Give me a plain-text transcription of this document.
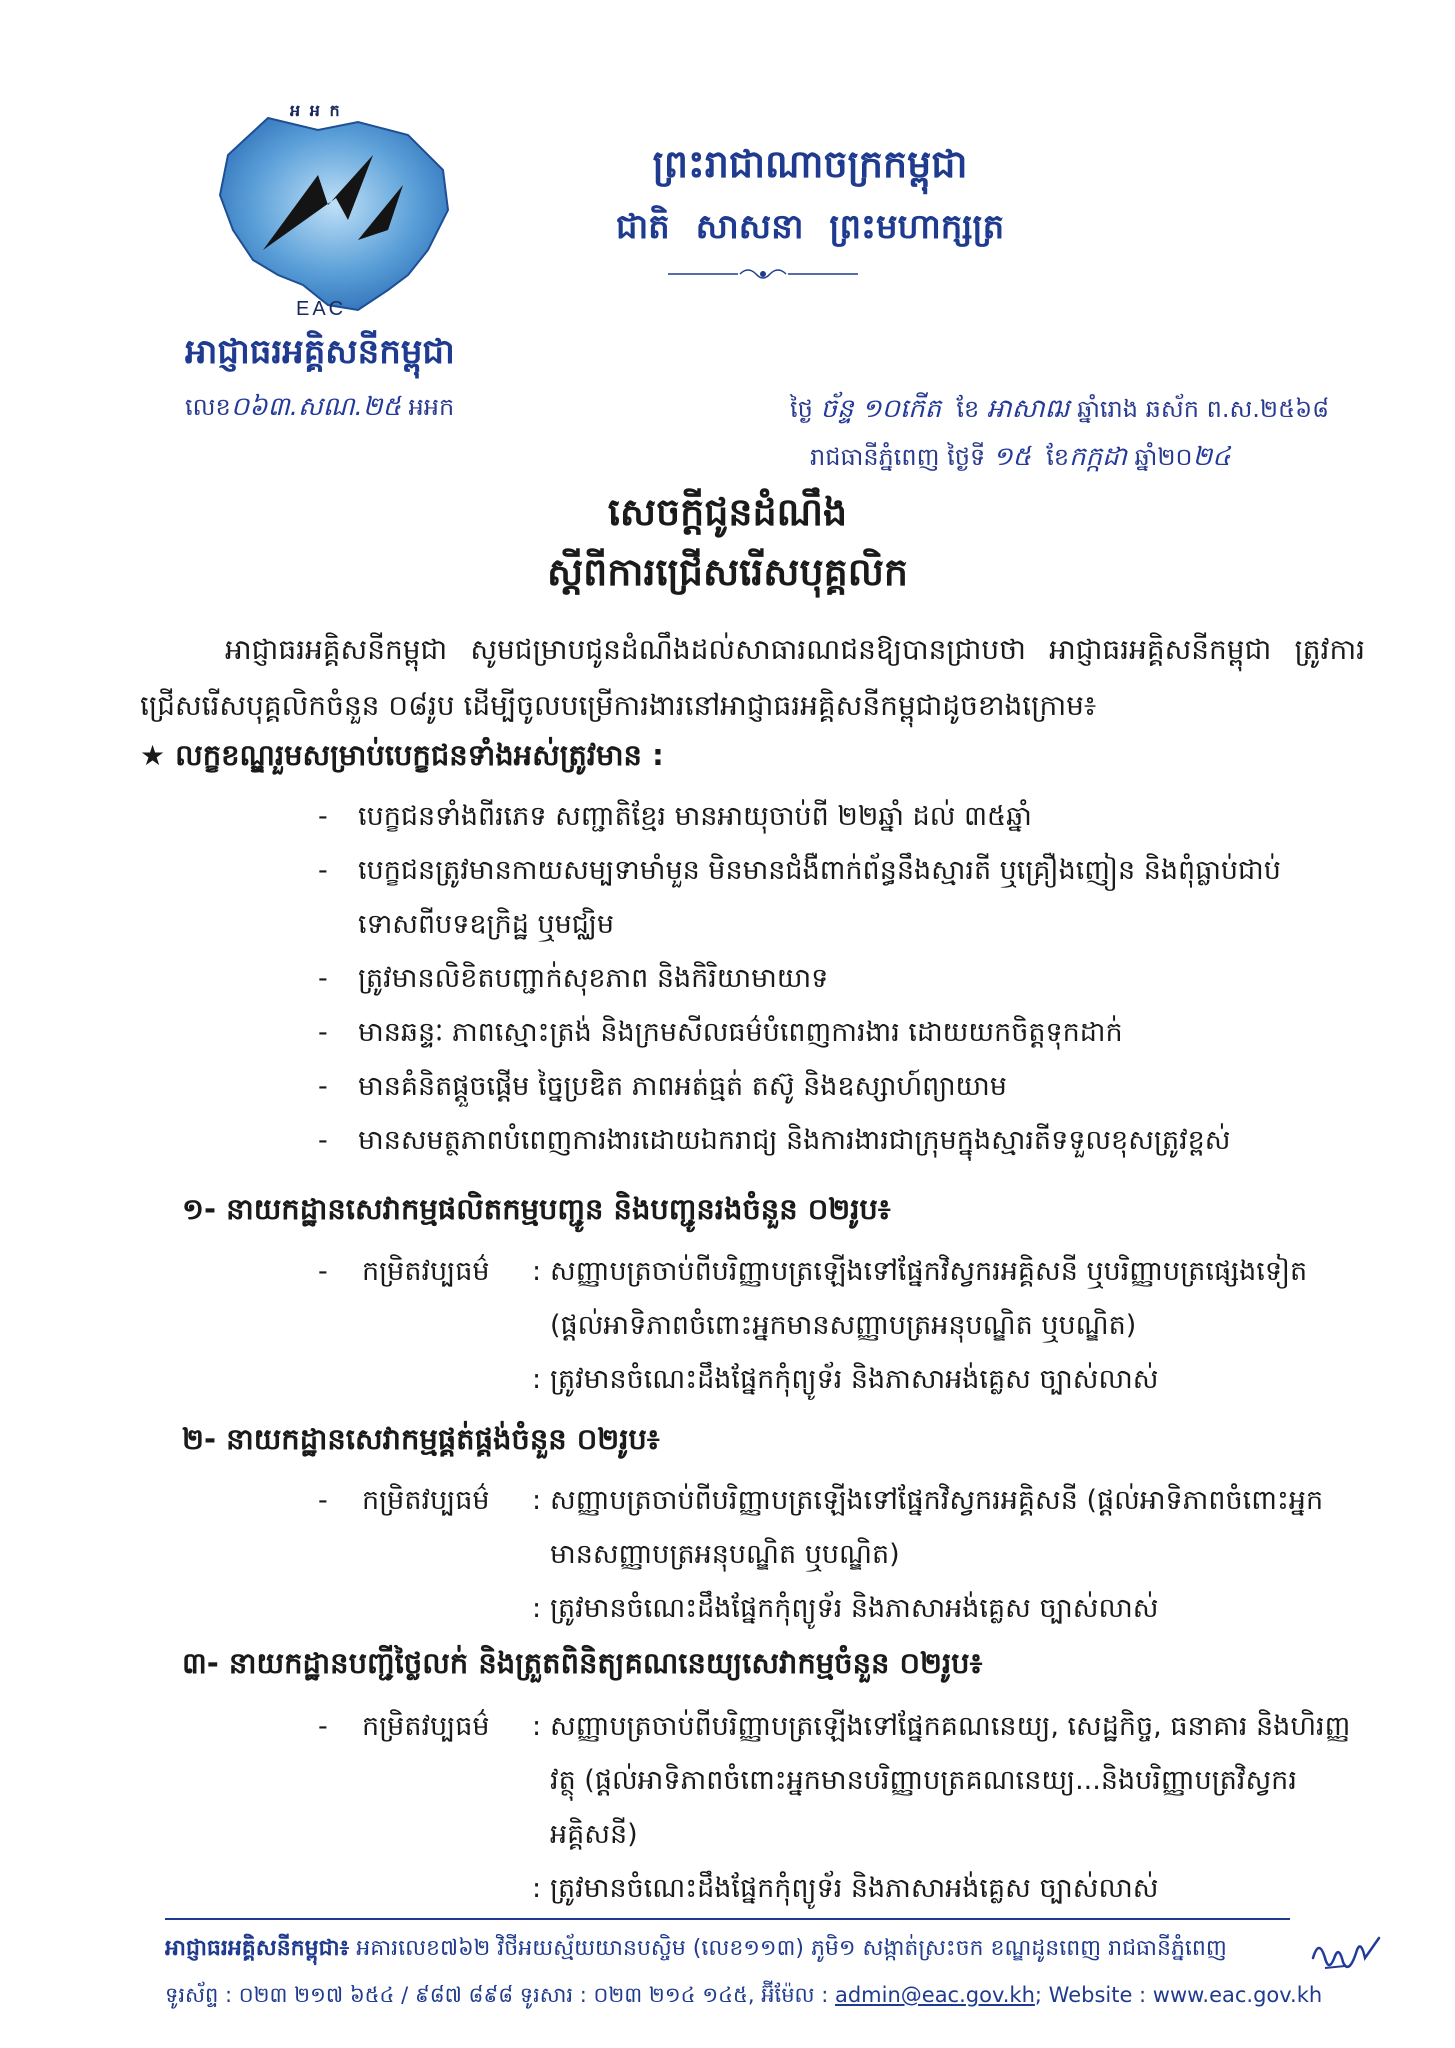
អ អ ក
EAC
អាជ្ញាធរអគ្គិសនីកម្ពុជា
លេខ០៦៣.សណ.២៥ អអក
ព្រះរាជាណាចក្រកម្ពុជា
ជាតិ សាសនា ព្រះមហាក្សត្រ
ថ្ងៃ ច័ន្ទ ១០កើត ខែ អាសាឍ ឆ្នាំរោង ឆស័ក ព.ស.២៥៦៨
រាជធានីភ្នំពេញ ថ្ងៃទី ១៥ ខែកក្កដា ឆ្នាំ២០២៤
សេចក្តីជូនដំណឹង
ស្តីពីការជ្រើសរើសបុគ្គលិក
អាជ្ញាធរអគ្គិសនីកម្ពុជា សូមជម្រាបជូនដំណឹងដល់សាធារណជនឱ្យបានជ្រាបថា អាជ្ញាធរអគ្គិសនីកម្ពុជា ត្រូវការជ្រើសរើសបុគ្គលិកចំនួន ០៨រូប ដើម្បីចូលបម្រើការងារនៅអាជ្ញាធរអគ្គិសនីកម្ពុជាដូចខាងក្រោម៖
★ លក្ខខណ្ឌរួមសម្រាប់បេក្ខជនទាំងអស់ត្រូវមាន :
- បេក្ខជនទាំងពីរភេទ សញ្ជាតិខ្មែរ មានអាយុចាប់ពី ២២ឆ្នាំ ដល់ ៣៥ឆ្នាំ
- បេក្ខជនត្រូវមានកាយសម្បទាមាំមួន មិនមានជំងឺពាក់ព័ន្ធនឹងស្មារតី ឬគ្រឿងញៀន និងពុំធ្លាប់ជាប់ទោសពីបទឧក្រិដ្ឋ ឬមជ្ឈិម
- ត្រូវមានលិខិតបញ្ជាក់សុខភាព និងកិរិយាមាយាទ
- មានឆន្ទៈ ភាពស្មោះត្រង់ និងក្រមសីលធម៌បំពេញការងារ ដោយយកចិត្តទុកដាក់
- មានគំនិតផ្តួចផ្តើម ច្នៃប្រឌិត ភាពអត់ធ្មត់ តស៊ូ និងឧស្សាហ៍ព្យាយាម
- មានសមត្ថភាពបំពេញការងារដោយឯករាជ្យ និងការងារជាក្រុមក្នុងស្មារតីទទួលខុសត្រូវខ្ពស់
១- នាយកដ្ឋានសេវាកម្មផលិតកម្មបញ្ជូន និងបញ្ជូនរងចំនួន ០២រូប៖
- កម្រិតវប្បធម៌ : សញ្ញាបត្រចាប់ពីបរិញ្ញាបត្រឡើងទៅផ្នែកវិស្វករអគ្គិសនី ឬបរិញ្ញាបត្រផ្សេងទៀត (ផ្តល់អាទិភាពចំពោះអ្នកមានសញ្ញាបត្រអនុបណ្ឌិត ឬបណ្ឌិត)
: ត្រូវមានចំណេះដឹងផ្នែកកុំព្យូទ័រ និងភាសាអង់គ្លេស ច្បាស់លាស់
២- នាយកដ្ឋានសេវាកម្មផ្គត់ផ្គង់ចំនួន ០២រូប៖
- កម្រិតវប្បធម៌ : សញ្ញាបត្រចាប់ពីបរិញ្ញាបត្រឡើងទៅផ្នែកវិស្វករអគ្គិសនី (ផ្តល់អាទិភាពចំពោះអ្នកមានសញ្ញាបត្រអនុបណ្ឌិត ឬបណ្ឌិត)
: ត្រូវមានចំណេះដឹងផ្នែកកុំព្យូទ័រ និងភាសាអង់គ្លេស ច្បាស់លាស់
៣- នាយកដ្ឋានបញ្ជីថ្លៃលក់ និងត្រួតពិនិត្យគណនេយ្យសេវាកម្មចំនួន ០២រូប៖
- កម្រិតវប្បធម៌ : សញ្ញាបត្រចាប់ពីបរិញ្ញាបត្រឡើងទៅផ្នែកគណនេយ្យ, សេដ្ឋកិច្ច, ធនាគារ និងហិរញ្ញវត្ថុ (ផ្តល់អាទិភាពចំពោះអ្នកមានបរិញ្ញាបត្រគណនេយ្យ...និងបរិញ្ញាបត្រវិស្វករអគ្គិសនី)
: ត្រូវមានចំណេះដឹងផ្នែកកុំព្យូទ័រ និងភាសាអង់គ្លេស ច្បាស់លាស់
អាជ្ញាធរអគ្គិសនីកម្ពុជា៖ អគារលេខ៧៦២ វិថីអយស្ម័យយានបស្ចិម (លេខ១១៣) ភូមិ១ សង្កាត់ស្រះចក ខណ្ឌដូនពេញ រាជធានីភ្នំពេញ
ទូរស័ព្ទ : ០២៣ ២១៧ ៦៥៤ / ៩៨៧ ៨៩៨ ទូរសារ : ០២៣ ២១៤ ១៤៥, អ៊ីម៉ែល : admin@eac.gov.kh; Website : www.eac.gov.kh
